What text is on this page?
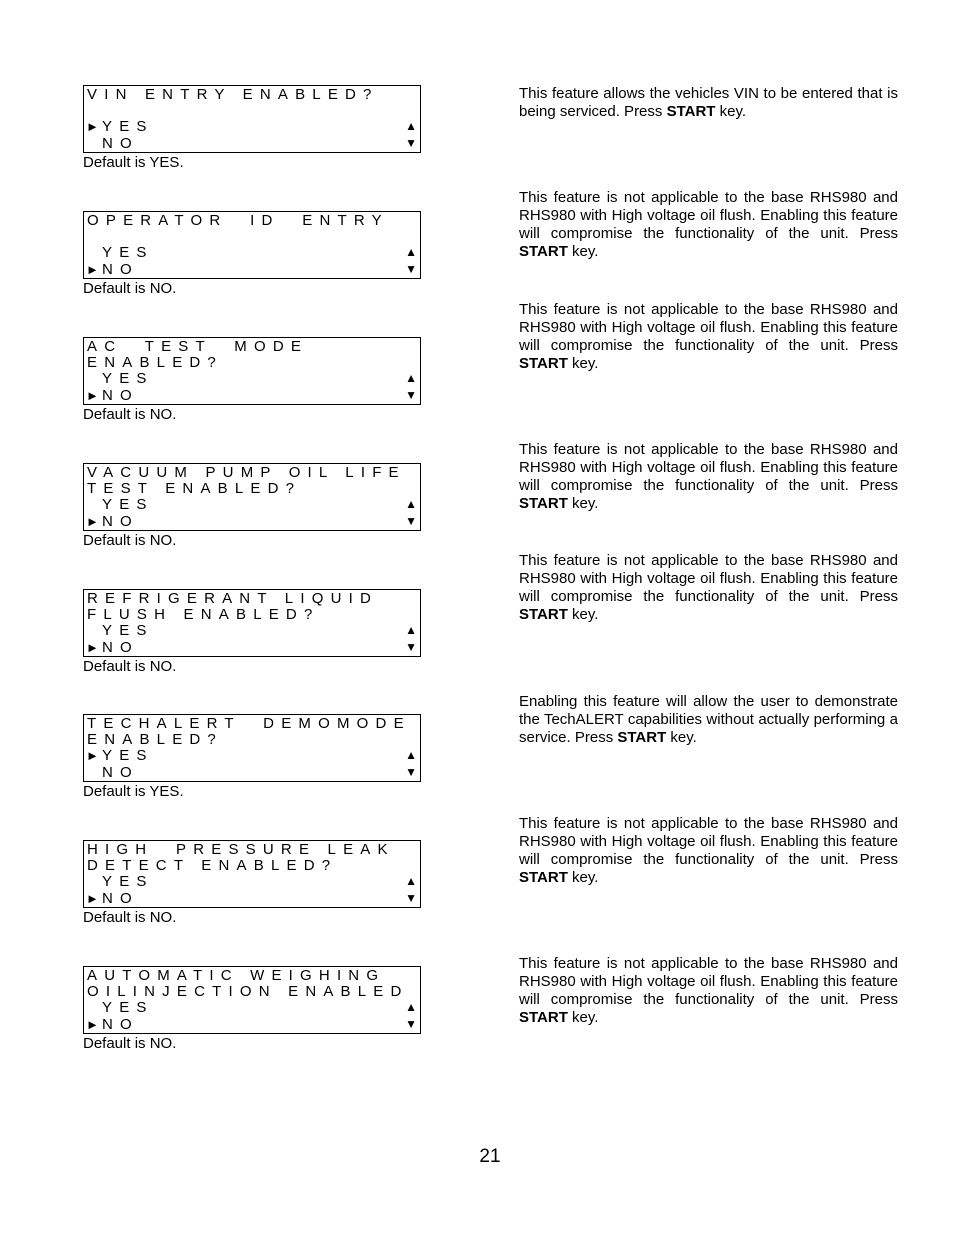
VIN ENTRY ENABLED?
► YES
NO
▲
▼
Default is YES.
This feature allows the vehicles VIN to be entered that is being serviced. Press START key.
OPERATOR  ID  ENTRY
YES
► NO
▲
▼
Default is NO.
This feature is not applicable to the base RHS980 and RHS980 with High voltage oil flush. Enabling this feature will compromise the functionality of the unit. Press START key.
AC  TEST  MODE
ENABLED?
YES
► NO
▲
▼
Default is NO.
This feature is not applicable to the base RHS980 and RHS980 with High voltage oil flush. Enabling this feature will compromise the functionality of the unit. Press START key.
VACUUM PUMP OIL LIFE
TEST ENABLED?
YES
► NO
▲
▼
Default is NO.
This feature is not applicable to the base RHS980 and RHS980 with High voltage oil flush. Enabling this feature will compromise the functionality of the unit. Press START key.
REFRIGERANT LIQUID
FLUSH ENABLED?
YES
► NO
▲
▼
Default is NO.
This feature is not applicable to the base RHS980 and RHS980 with High voltage oil flush. Enabling this feature will compromise the functionality of the unit. Press START key.
TECHALERT  DEMOMODE
ENABLED?
► YES
NO
▲
▼
Default is YES.
Enabling this feature will allow the user to demonstrate the TechALERT capabilities without actually performing a service. Press START key.
HIGH  PRESSURE LEAK
DETECT ENABLED?
YES
► NO
▲
▼
Default is NO.
This feature is not applicable to the base RHS980 and RHS980 with High voltage oil flush. Enabling this feature will compromise the functionality of the unit. Press START key.
AUTOMATIC WEIGHING
OILINJECTION ENABLED
YES
► NO
▲
▼
Default is NO.
This feature is not applicable to the base RHS980 and RHS980 with High voltage oil flush. Enabling this feature will compromise the functionality of the unit. Press START key.
21
